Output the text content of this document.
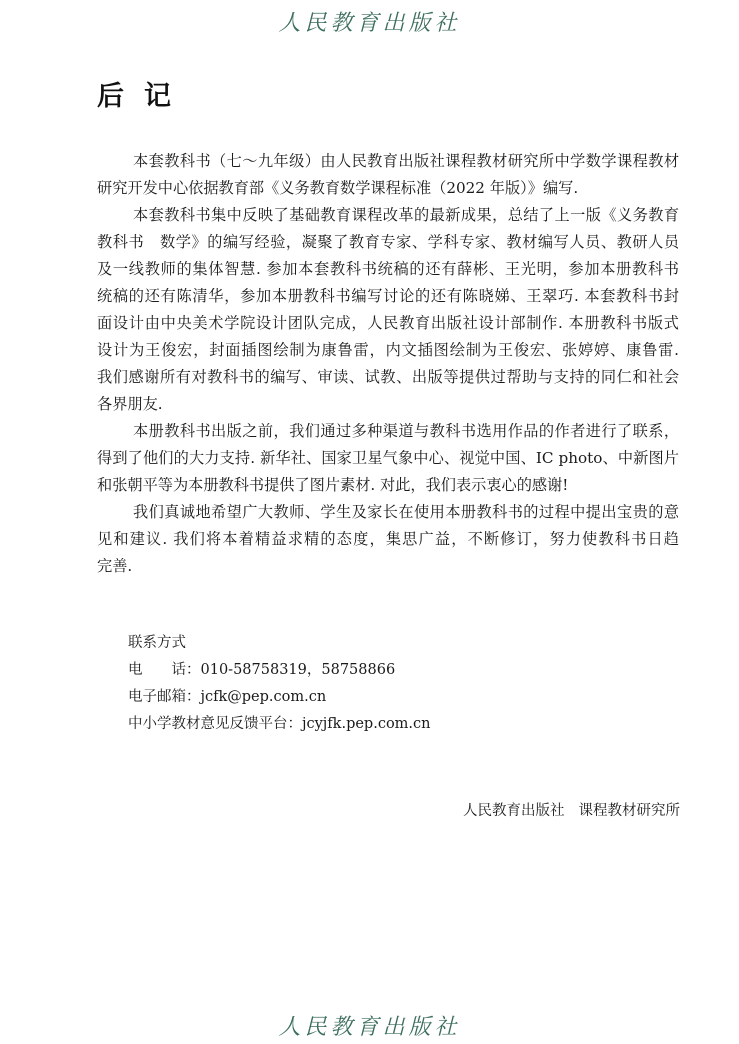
人民教育出版社
后记
本套教科书（七～九年级）由人民教育出版社课程教材研究所中学数学课程教材
研究开发中心依据教育部《义务教育数学课程标准（2022 年版）》编写.
本套教科书集中反映了基础教育课程改革的最新成果，总结了上一版《义务教育
教科书　数学》的编写经验，凝聚了教育专家、学科专家、教材编写人员、教研人员
及一线教师的集体智慧. 参加本套教科书统稿的还有薛彬、王光明，参加本册教科书
统稿的还有陈清华，参加本册教科书编写讨论的还有陈晓娣、王翠巧. 本套教科书封
面设计由中央美术学院设计团队完成，人民教育出版社设计部制作. 本册教科书版式
设计为王俊宏，封面插图绘制为康鲁雷，内文插图绘制为王俊宏、张婷婷、康鲁雷.
我们感谢所有对教科书的编写、审读、试教、出版等提供过帮助与支持的同仁和社会
各界朋友.
本册教科书出版之前，我们通过多种渠道与教科书选用作品的作者进行了联系，
得到了他们的大力支持. 新华社、国家卫星气象中心、视觉中国、IC photo、中新图片
和张朝平等为本册教科书提供了图片素材. 对此，我们表示衷心的感谢!
我们真诚地希望广大教师、学生及家长在使用本册教科书的过程中提出宝贵的意
见和建议. 我们将本着精益求精的态度，集思广益，不断修订，努力使教科书日趋
完善.
联系方式
电　　话：010-58758319，58758866
电子邮箱：jcfk@pep.com.cn
中小学教材意见反馈平台：jcyjfk.pep.com.cn
人民教育出版社 课程教材研究所
人民教育出版社
